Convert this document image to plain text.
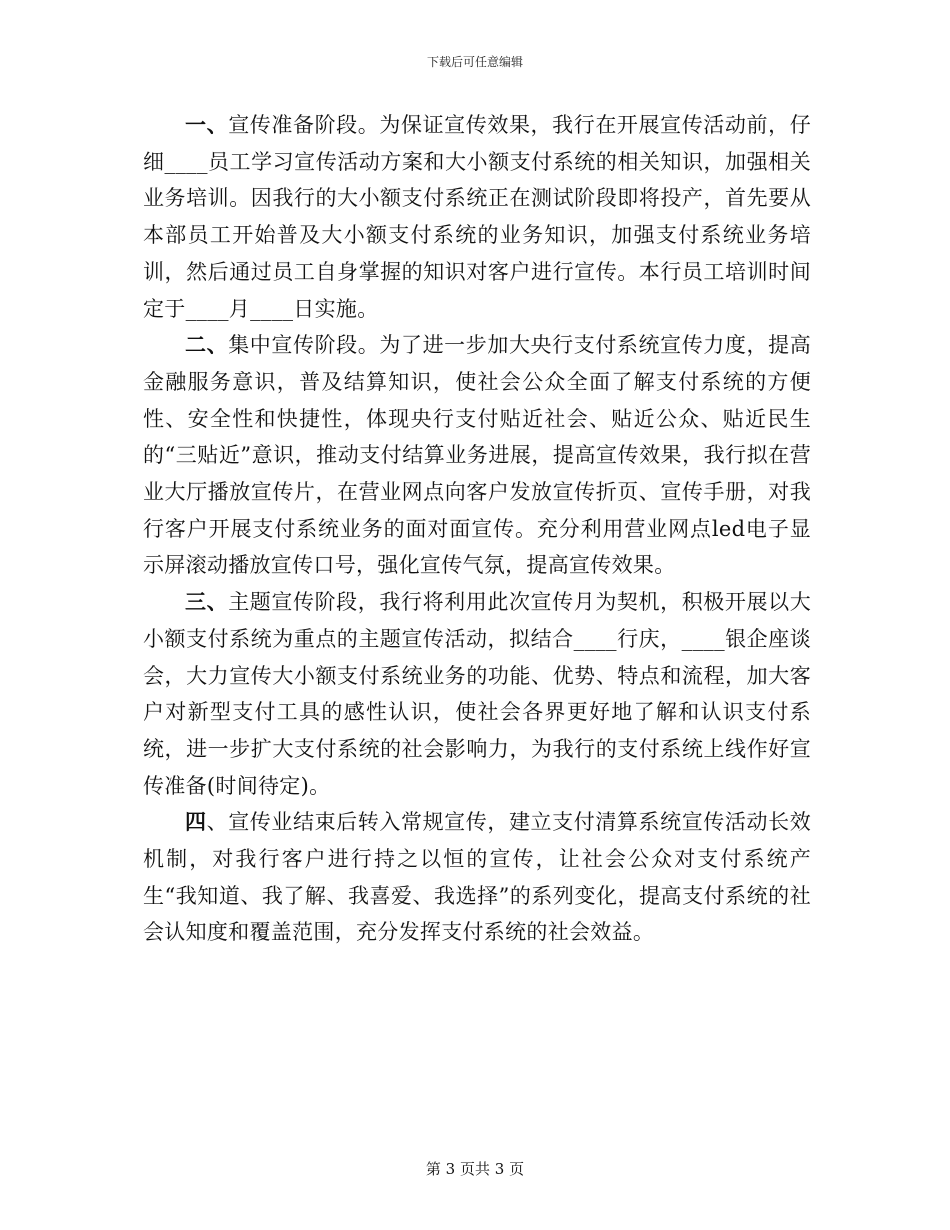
下载后可任意编辑

一、宣传准备阶段。为保证宣传效果，我行在开展宣传活动前，仔细____员工学习宣传活动方案和大小额支付系统的相关知识，加强相关业务培训。因我行的大小额支付系统正在测试阶段即将投产，首先要从本部员工开始普及大小额支付系统的业务知识，加强支付系统业务培训，然后通过员工自身掌握的知识对客户进行宣传。本行员工培训时间定于____月____日实施。

二、集中宣传阶段。为了进一步加大央行支付系统宣传力度，提高金融服务意识，普及结算知识，使社会公众全面了解支付系统的方便性、安全性和快捷性，体现央行支付贴近社会、贴近公众、贴近民生的“三贴近”意识，推动支付结算业务进展，提高宣传效果，我行拟在营业大厅播放宣传片，在营业网点向客户发放宣传折页、宣传手册，对我行客户开展支付系统业务的面对面宣传。充分利用营业网点led电子显示屏滚动播放宣传口号，强化宣传气氛，提高宣传效果。

三、主题宣传阶段，我行将利用此次宣传月为契机，积极开展以大小额支付系统为重点的主题宣传活动，拟结合____行庆，____银企座谈会，大力宣传大小额支付系统业务的功能、优势、特点和流程，加大客户对新型支付工具的感性认识，使社会各界更好地了解和认识支付系统，进一步扩大支付系统的社会影响力，为我行的支付系统上线作好宣传准备(时间待定)。

四、宣传业结束后转入常规宣传，建立支付清算系统宣传活动长效机制，对我行客户进行持之以恒的宣传，让社会公众对支付系统产生“我知道、我了解、我喜爱、我选择”的系列变化，提高支付系统的社会认知度和覆盖范围，充分发挥支付系统的社会效益。

第 3 页共 3 页
